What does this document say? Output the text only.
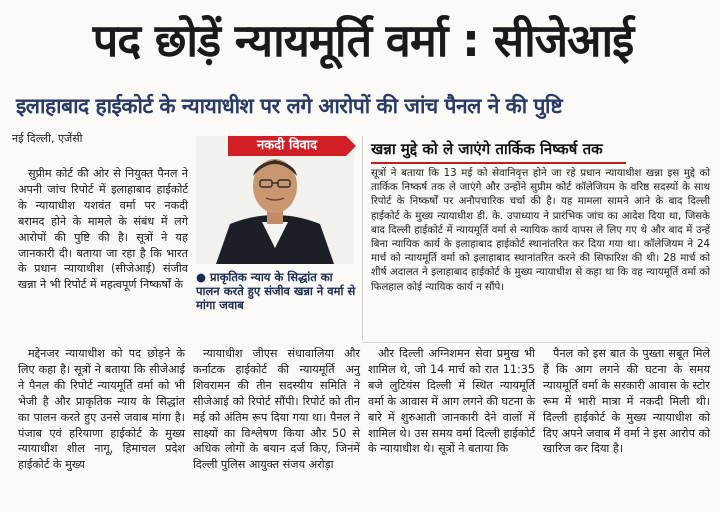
पद छोड़ें न्यायमूर्ति वर्मा : सीजेआई
इलाहाबाद हाईकोर्ट के न्यायाधीश पर लगे आरोपों की जांच पैनल ने की पुष्टि
नई दिल्ली, एजेंसी

सुप्रीम कोर्ट की ओर से नियुक्त पैनल ने अपनी जांच रिपोर्ट में इलाहाबाद हाईकोर्ट के न्यायाधीश यशवंत वर्मा पर नकदी बरामद होने के मामले के संबंध में लगे आरोपों की पुष्टि की है। सूत्रों ने यह जानकारी दी। बताया जा रहा है कि भारत के प्रधान न्यायाधीश (सीजेआई) संजीव खन्ना ने भी रिपोर्ट में महत्वपूर्ण निष्कर्षों के

नकदी विवाद
● प्राकृतिक न्याय के सिद्धांत का पालन करते हुए संजीव खन्ना ने वर्मा से मांगा जवाब
खन्ना मुद्दे को ले जाएंगे तार्किक निष्कर्ष तक
सूत्रों ने बताया कि 13 मई को सेवानिवृत्त होने जा रहे प्रधान न्यायाधीश खन्ना इस मुद्दे को तार्किक निष्कर्ष तक ले जाएंगे और उन्होंने सुप्रीम कोर्ट कॉलेजियम के वरिष्ठ सदस्यों के साथ रिपोर्ट के निष्कर्षों पर अनौपचारिक चर्चा की है। यह मामला सामने आने के बाद दिल्ली हाईकोर्ट के मुख्य न्यायाधीश डी. के. उपाध्याय ने प्रारंभिक जांच का आदेश दिया था, जिसके बाद दिल्ली हाईकोर्ट में न्यायमूर्ति वर्मा से न्यायिक कार्य वापस ले लिए गए थे और बाद में उन्हें बिना न्यायिक कार्य के इलाहाबाद हाईकोर्ट स्थानांतरित कर दिया गया था। कॉलेजियम ने 24 मार्च को न्यायमूर्ति वर्मा को इलाहाबाद स्थानांतरित करने की सिफारिश की थी। 28 मार्च को शीर्ष अदालत ने इलाहाबाद हाईकोर्ट के मुख्य न्यायाधीश से कहा था कि वह न्यायमूर्ति वर्मा को फिलहाल कोई न्यायिक कार्य न सौंपे।

मद्देनजर न्यायाधीश को पद छोड़ने के लिए कहा है। सूत्रों ने बताया कि सीजेआई ने पैनल की रिपोर्ट न्यायमूर्ति वर्मा को भी भेजी है और प्राकृतिक न्याय के सिद्धांत का पालन करते हुए उनसे जवाब मांगा है। पंजाब एवं हरियाणा हाईकोर्ट के मुख्य न्यायाधीश शील नागू, हिमाचल प्रदेश हाईकोर्ट के मुख्य

न्यायाधीश जीएस संधावालिया और कर्नाटक हाईकोर्ट की न्यायमूर्ति अनु शिवरामन की तीन सदस्यीय समिति ने सीजेआई को रिपोर्ट सौंपी। रिपोर्ट को तीन मई को अंतिम रूप दिया गया था। पैनल ने साक्ष्यों का विश्लेषण किया और 50 से अधिक लोगों के बयान दर्ज किए, जिनमें दिल्ली पुलिस आयुक्त संजय अरोड़ा

और दिल्ली अग्निशमन सेवा प्रमुख भी शामिल थे, जो 14 मार्च को रात 11:35 बजे लुटियंस दिल्ली में स्थित न्यायमूर्ति वर्मा के आवास में आग लगने की घटना के बारे में शुरुआती जानकारी देने वालों में शामिल थे। उस समय वर्मा दिल्ली हाईकोर्ट के न्यायाधीश थे। सूत्रों ने बताया कि

पैनल को इस बात के पुख्ता सबूत मिले हैं कि आग लगने की घटना के समय न्यायमूर्ति वर्मा के सरकारी आवास के स्टोर रूम में भारी मात्रा में नकदी मिली थी। दिल्ली हाईकोर्ट के मुख्य न्यायाधीश को दिए अपने जवाब में वर्मा ने इस आरोप को खारिज कर दिया है।
